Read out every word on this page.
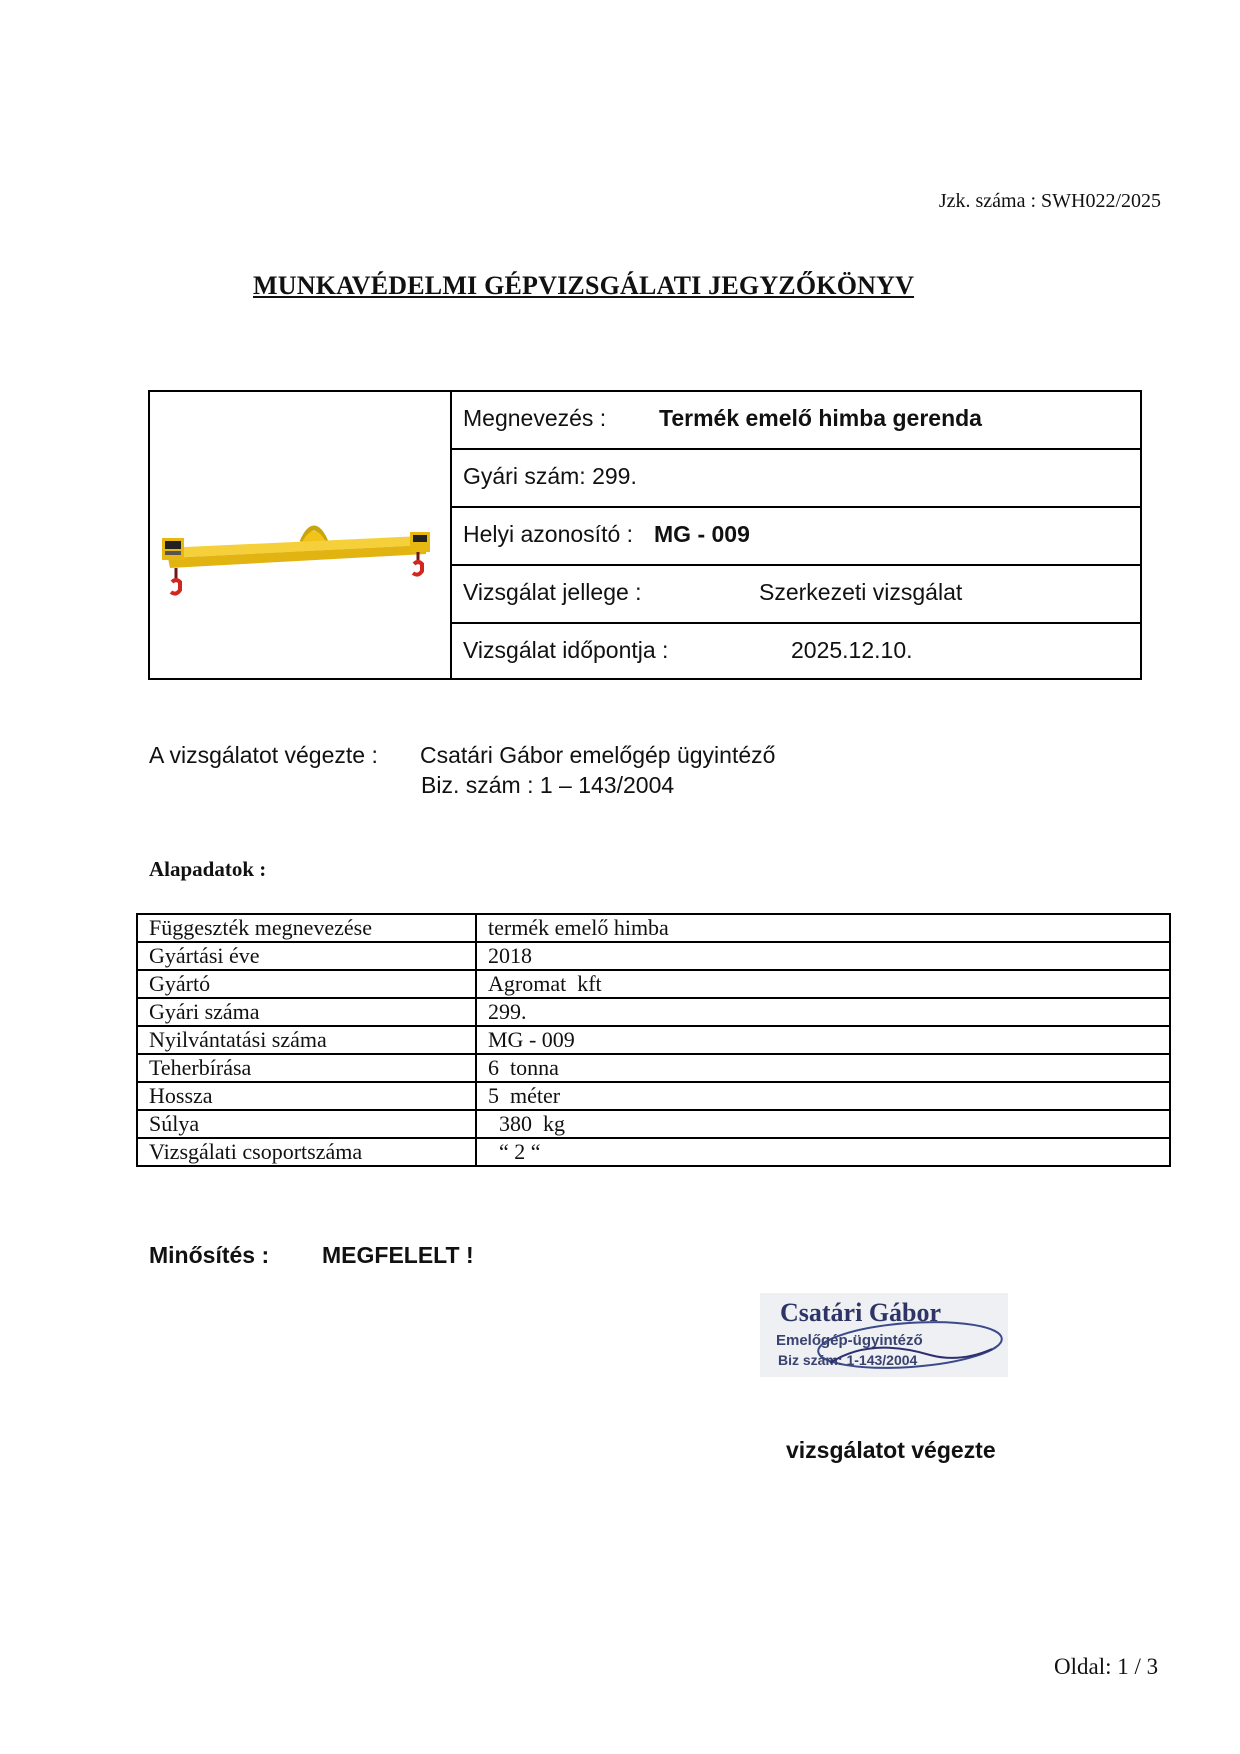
Jzk. száma : SWH022/2025
MUNKAVÉDELMI GÉPVIZSGÁLATI JEGYZŐKÖNYV
Megnevezés : Termék emelő himba gerenda
Gyári szám: 299.
Helyi azonosító : MG - 009
Vizsgálat jellege :	Szerkezeti vizsgálat
Vizsgálat időpontja :	2025.12.10.
A vizsgálatot végezte : Csatári Gábor emelőgép ügyintéző
Biz. szám : 1 – 143/2004
Alapadatok :
Függeszték megnevezése	termék emelő himba
Gyártási éve	2018
Gyártó	Agromat  kft
Gyári száma	299.
Nyilvántatási száma	MG - 009
Teherbírása	6  tonna
Hossza	5  méter
Súlya	380  kg
Vizsgálati csoportszáma	“ 2 “
Minősítés : MEGFELELT !
Csatári Gábor
Emelőgép-ügyintéző
Biz szám: 1-143/2004
vizsgálatot végezte
Oldal: 1 / 3
